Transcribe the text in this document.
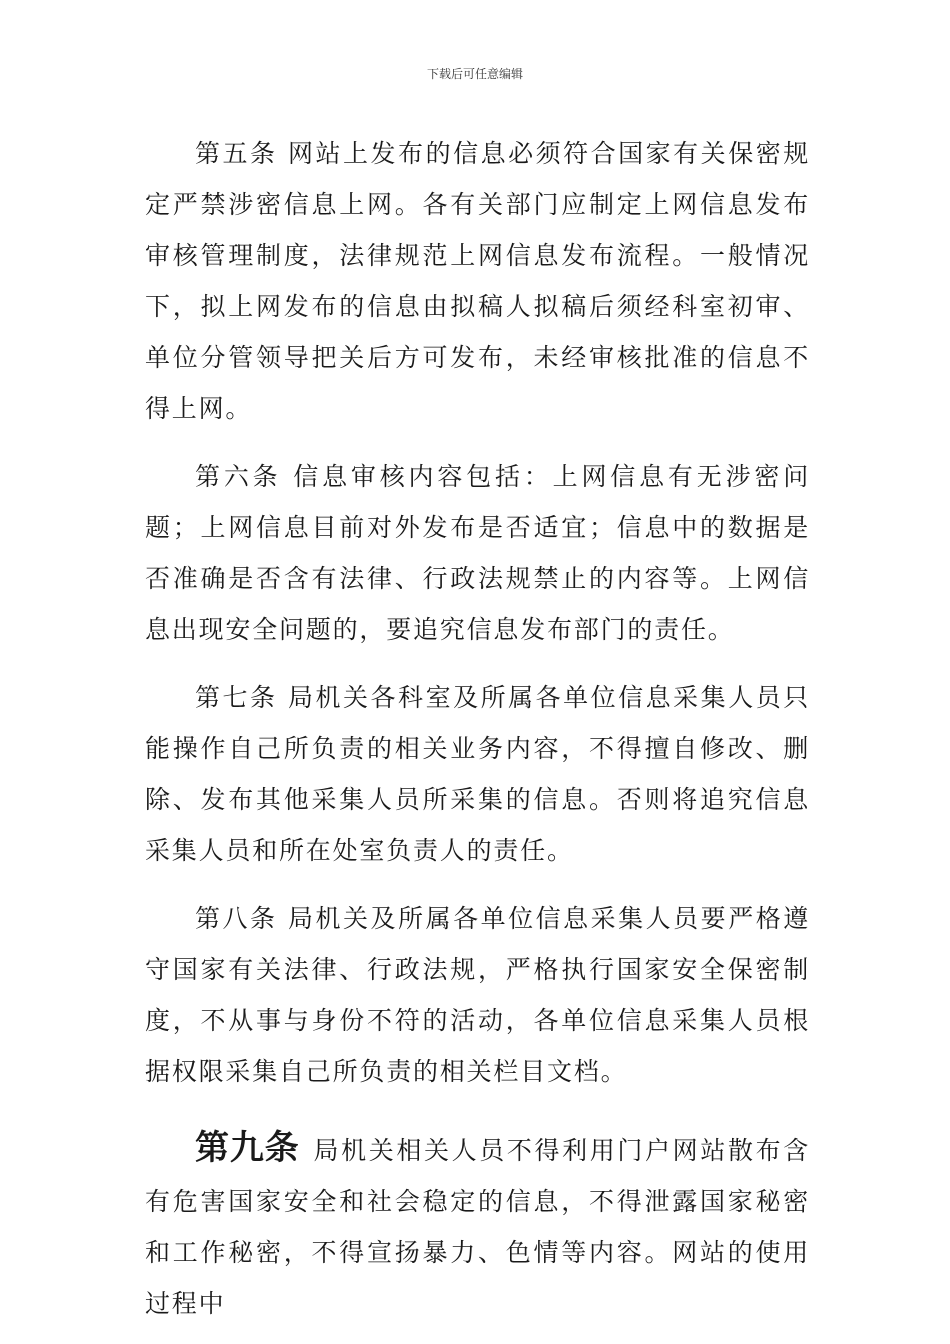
下载后可任意编辑

第五条 网站上发布的信息必须符合国家有关保密规定严禁涉密信息上网。各有关部门应制定上网信息发布审核管理制度，法律规范上网信息发布流程。一般情况下，拟上网发布的信息由拟稿人拟稿后须经科室初审、单位分管领导把关后方可发布，未经审核批准的信息不得上网。

第六条 信息审核内容包括：上网信息有无涉密问题；上网信息目前对外发布是否适宜；信息中的数据是否准确是否含有法律、行政法规禁止的内容等。上网信息出现安全问题的，要追究信息发布部门的责任。

第七条 局机关各科室及所属各单位信息采集人员只能操作自己所负责的相关业务内容，不得擅自修改、删除、发布其他采集人员所采集的信息。否则将追究信息采集人员和所在处室负责人的责任。

第八条 局机关及所属各单位信息采集人员要严格遵守国家有关法律、行政法规，严格执行国家安全保密制度，不从事与身份不符的活动，各单位信息采集人员根据权限采集自己所负责的相关栏目文档。

第九条 局机关相关人员不得利用门户网站散布含有危害国家安全和社会稳定的信息，不得泄露国家秘密和工作秘密，不得宣扬暴力、色情等内容。网站的使用过程中
